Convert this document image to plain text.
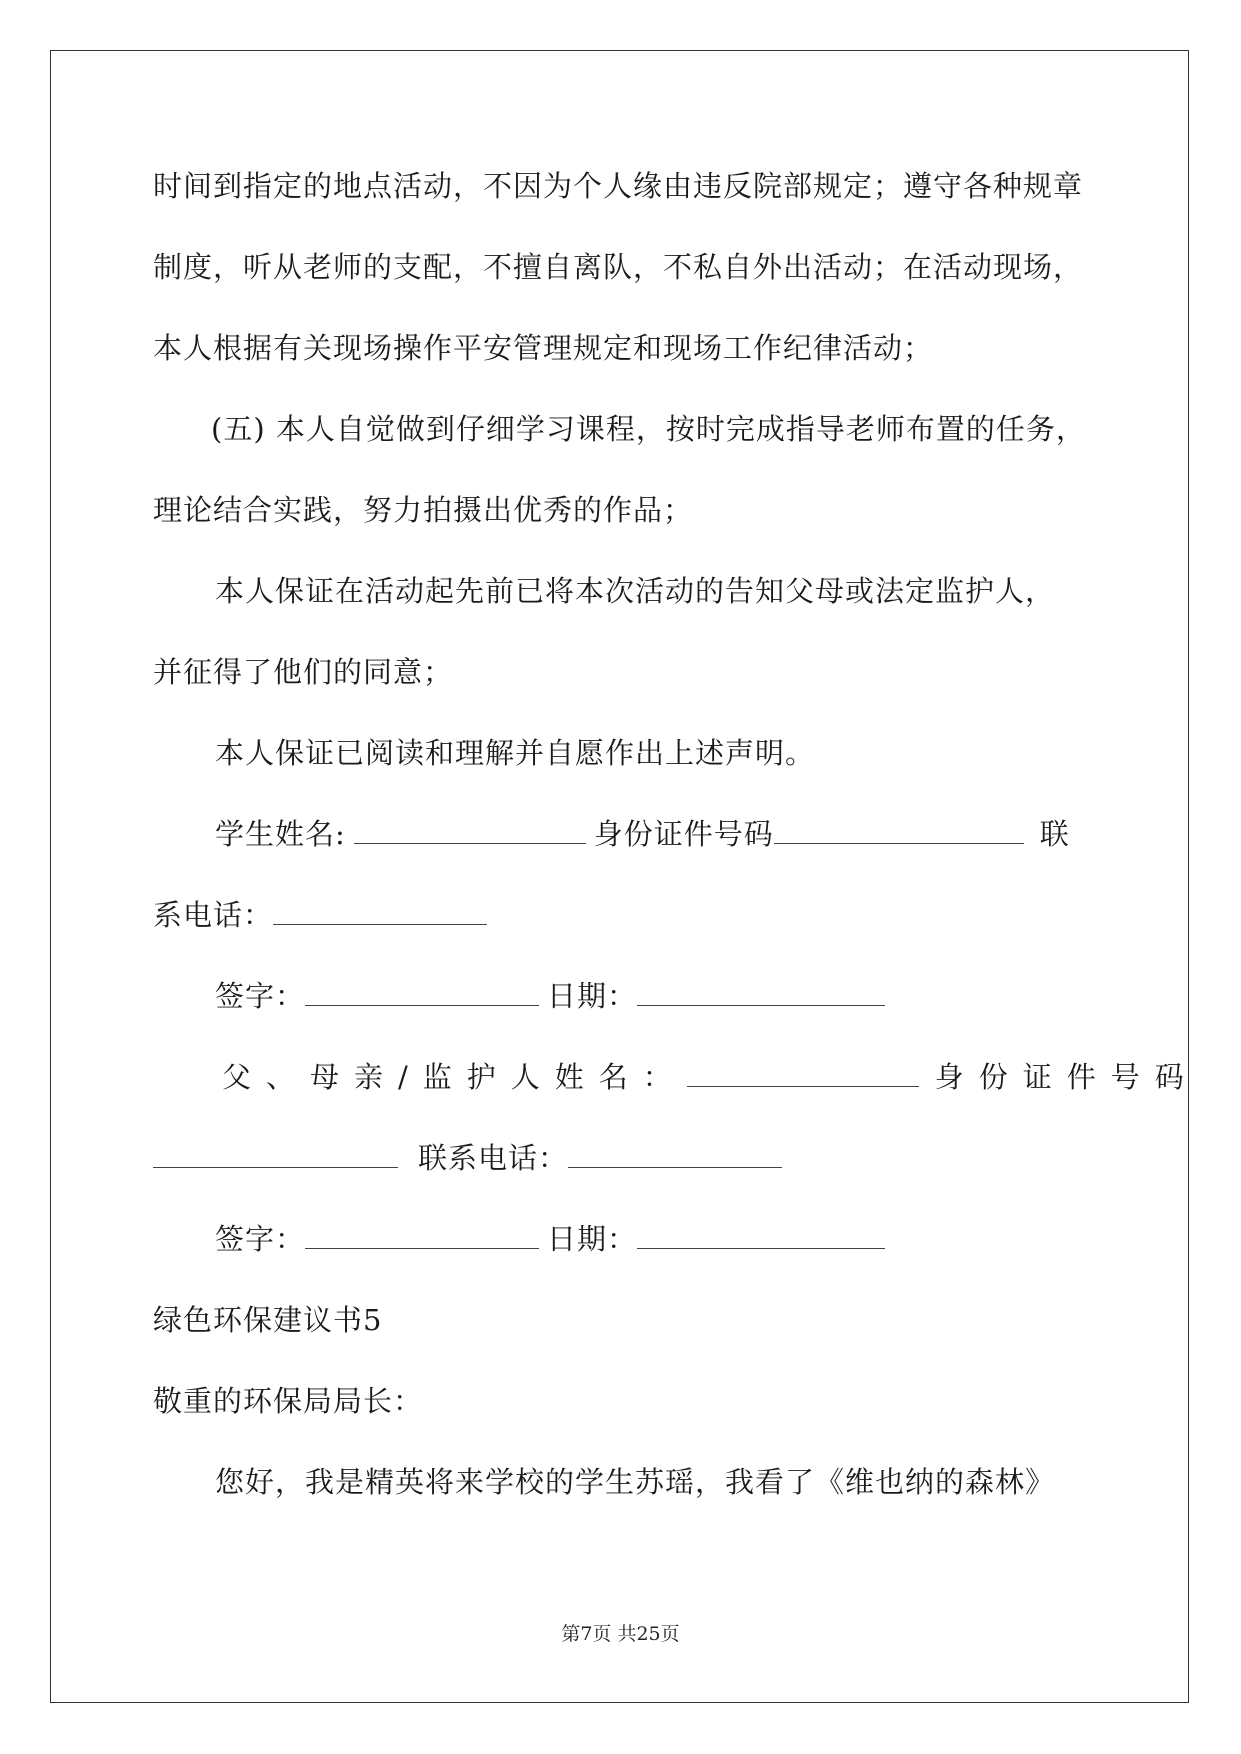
时间到指定的地点活动，不因为个人缘由违反院部规定；遵守各种规章
制度，听从老师的支配，不擅自离队，不私自外出活动；在活动现场，
本人根据有关现场操作平安管理规定和现场工作纪律活动；
(五) 本人自觉做到仔细学习课程，按时完成指导老师布置的任务，
理论结合实践，努力拍摄出优秀的作品；
本人保证在活动起先前已将本次活动的告知父母或法定监护人，
并征得了他们的同意；
本人保证已阅读和理解并自愿作出上述声明。
学生姓名:	身份证件号码	联
系电话：
签字：	日期：
父、母亲/监护人姓名：	身份证件号码
联系电话：
签字：	日期：
绿色环保建议书5
敬重的环保局局长：
您好，我是精英将来学校的学生苏瑶，我看了《维也纳的森林》
第7页 共25页
